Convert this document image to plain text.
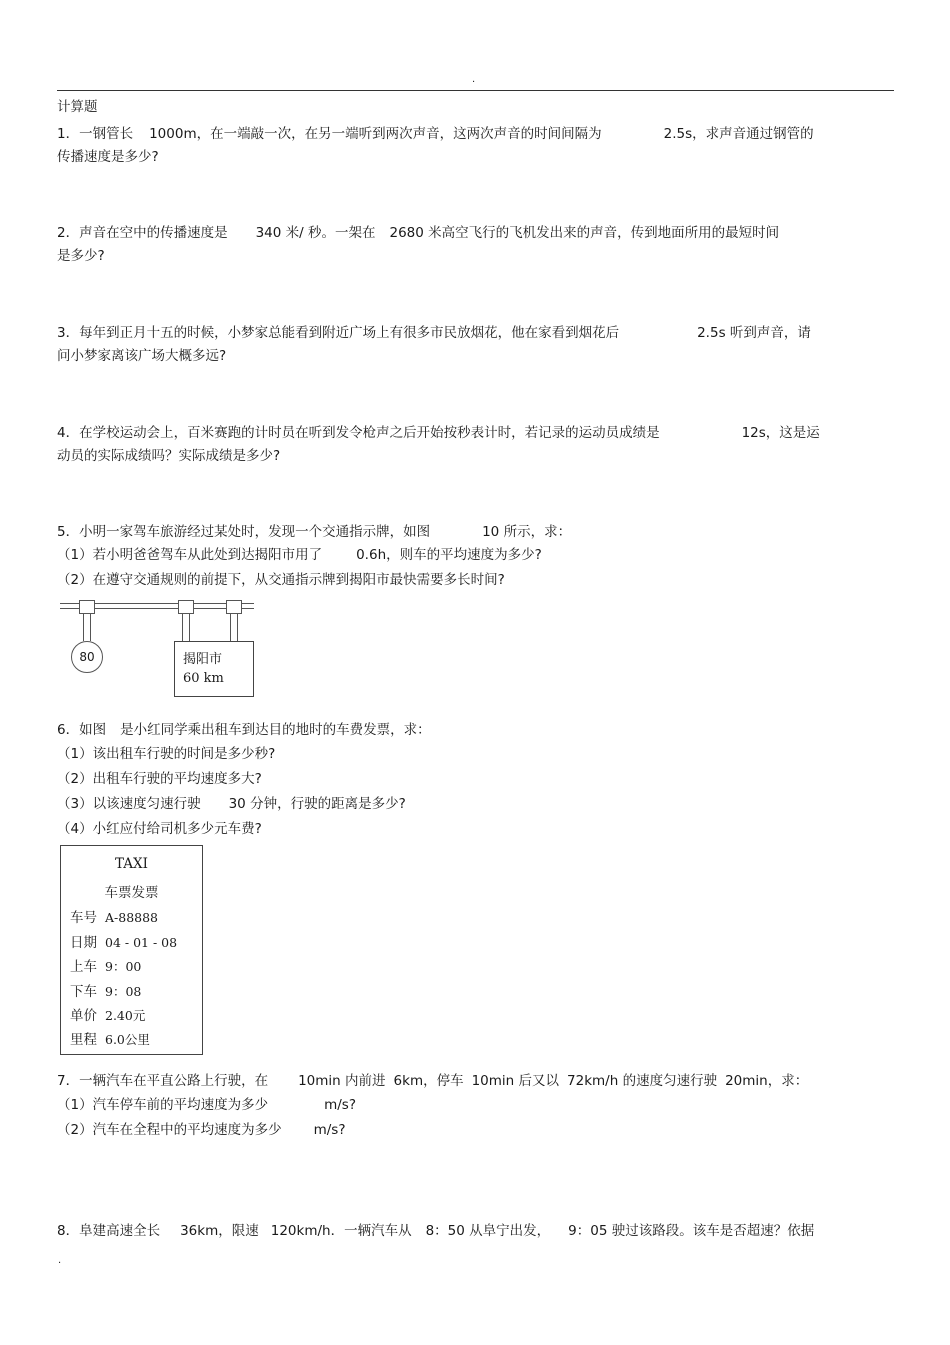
.
计算题
1．一钢管长 1000m，在一端敲一次，在另一端听到两次声音，这两次声音的时间间隔为	2.5s，求声音通过钢管的
传播速度是多少?
2．声音在空中的传播速度是 340 米/ 秒。一架在 2680 米高空飞行的飞机发出来的声音，传到地面所用的最短时间
是多少?
3．每年到正月十五的时候，小梦家总能看到附近广场上有很多市民放烟花，他在家看到烟花后	2.5s 听到声音，请
问小梦家离该广场大概多远?
4．在学校运动会上，百米赛跑的计时员在听到发令枪声之后开始按秒表计时，若记录的运动员成绩是	12s，这是运
动员的实际成绩吗？实际成绩是多少?
5．小明一家驾车旅游经过某处时，发现一个交通指示牌，如图	10 所示，求：
（1）若小明爸爸驾车从此处到达揭阳市用了	0.6h，则车的平均速度为多少?
（2）在遵守交通规则的前提下，从交通指示牌到揭阳市最快需要多长时间?
80	揭阳市
60 km
6．如图 是小红同学乘出租车到达目的地时的车费发票，求：
（1）该出租车行驶的时间是多少秒?
（2）出租车行驶的平均速度多大?
（3）以该速度匀速行驶 30 分钟，行驶的距离是多少?
（4）小红应付给司机多少元车费?
TAXI
车票发票
车号 A-88888
日期 04 - 01 - 08
上车 9：00
下车 9：08
单价 2.40元
里程 6.0公里
7．一辆汽车在平直公路上行驶，在 10min 内前进 6km，停车 10min 后又以 72km/h 的速度匀速行驶 20min，求：
（1）汽车停车前的平均速度为多少	m/s?
（2）汽车在全程中的平均速度为多少 m/s?
8．阜建高速全长 36km，限速 120km/h．一辆汽车从 8：50 从阜宁出发， 9：05 驶过该路段。该车是否超速？依据
.
